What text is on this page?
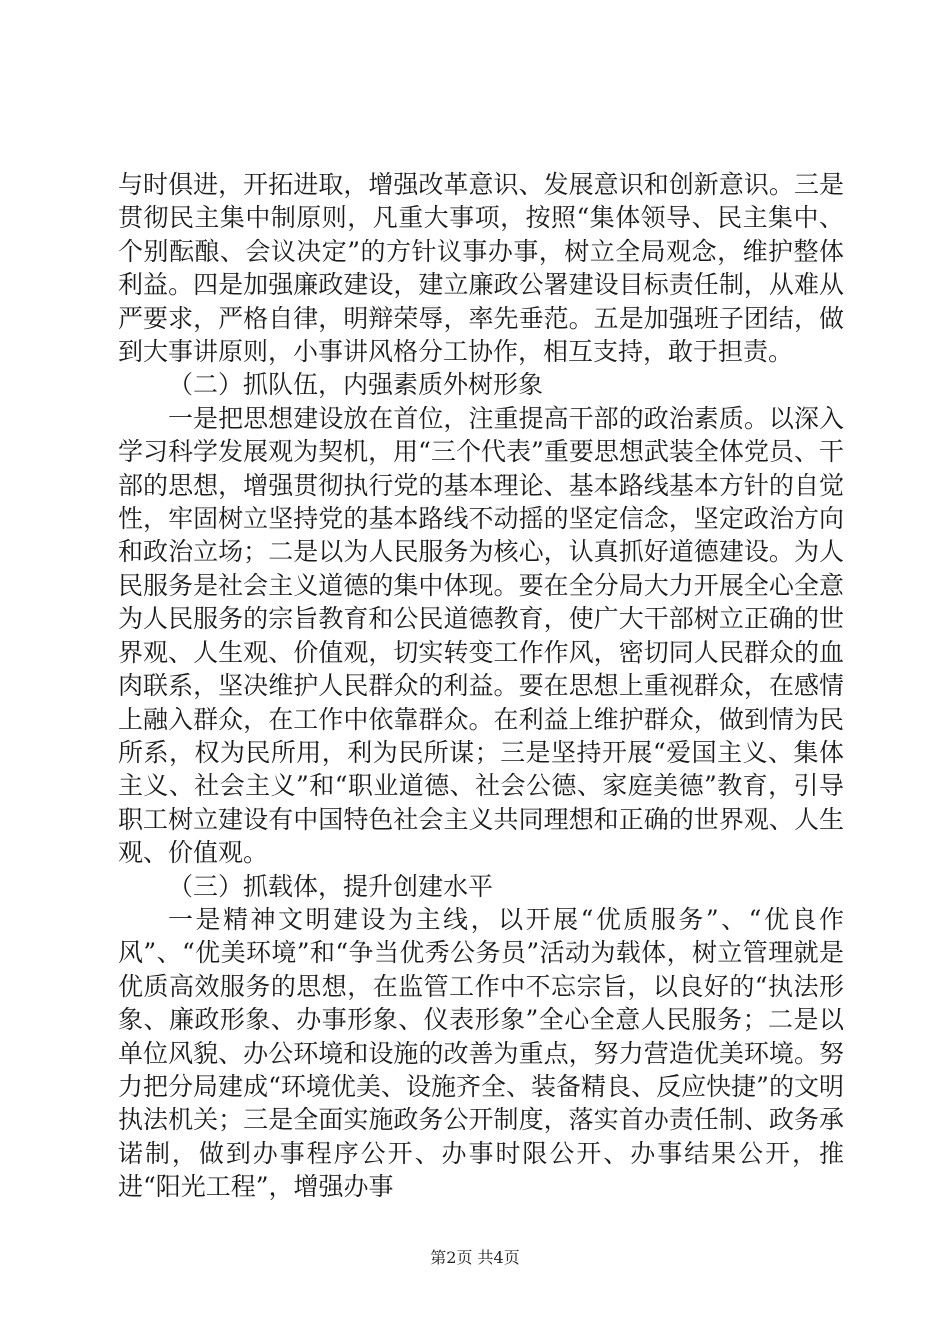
与时俱进，开拓进取，增强改革意识、发展意识和创新意识。三是贯彻民主集中制原则，凡重大事项，按照“集体领导、民主集中、个别酝酿、会议决定”的方针议事办事，树立全局观念，维护整体利益。四是加强廉政建设，建立廉政公署建设目标责任制，从难从严要求，严格自律，明辩荣辱，率先垂范。五是加强班子团结，做到大事讲原则，小事讲风格分工协作，相互支持，敢于担责。

（二）抓队伍，内强素质外树形象

一是把思想建设放在首位，注重提高干部的政治素质。以深入学习科学发展观为契机，用“三个代表”重要思想武装全体党员、干部的思想，增强贯彻执行党的基本理论、基本路线基本方针的自觉性，牢固树立坚持党的基本路线不动摇的坚定信念，坚定政治方向和政治立场；二是以为人民服务为核心，认真抓好道德建设。为人民服务是社会主义道德的集中体现。要在全分局大力开展全心全意为人民服务的宗旨教育和公民道德教育，使广大干部树立正确的世界观、人生观、价值观，切实转变工作作风，密切同人民群众的血肉联系，坚决维护人民群众的利益。要在思想上重视群众，在感情上融入群众，在工作中依靠群众。在利益上维护群众，做到情为民所系，权为民所用，利为民所谋；三是坚持开展“爱国主义、集体主义、社会主义”和“职业道德、社会公德、家庭美德”教育，引导职工树立建设有中国特色社会主义共同理想和正确的世界观、人生观、价值观。

（三）抓载体，提升创建水平

一是精神文明建设为主线，以开展“优质服务”、“优良作风”、“优美环境”和“争当优秀公务员”活动为载体，树立管理就是优质高效服务的思想，在监管工作中不忘宗旨，以良好的“执法形象、廉政形象、办事形象、仪表形象”全心全意人民服务；二是以单位风貌、办公环境和设施的改善为重点，努力营造优美环境。努力把分局建成“环境优美、设施齐全、装备精良、反应快捷”的文明执法机关；三是全面实施政务公开制度，落实首办责任制、政务承诺制，做到办事程序公开、办事时限公开、办事结果公开，推进“阳光工程”，增强办事

第2页 共4页
